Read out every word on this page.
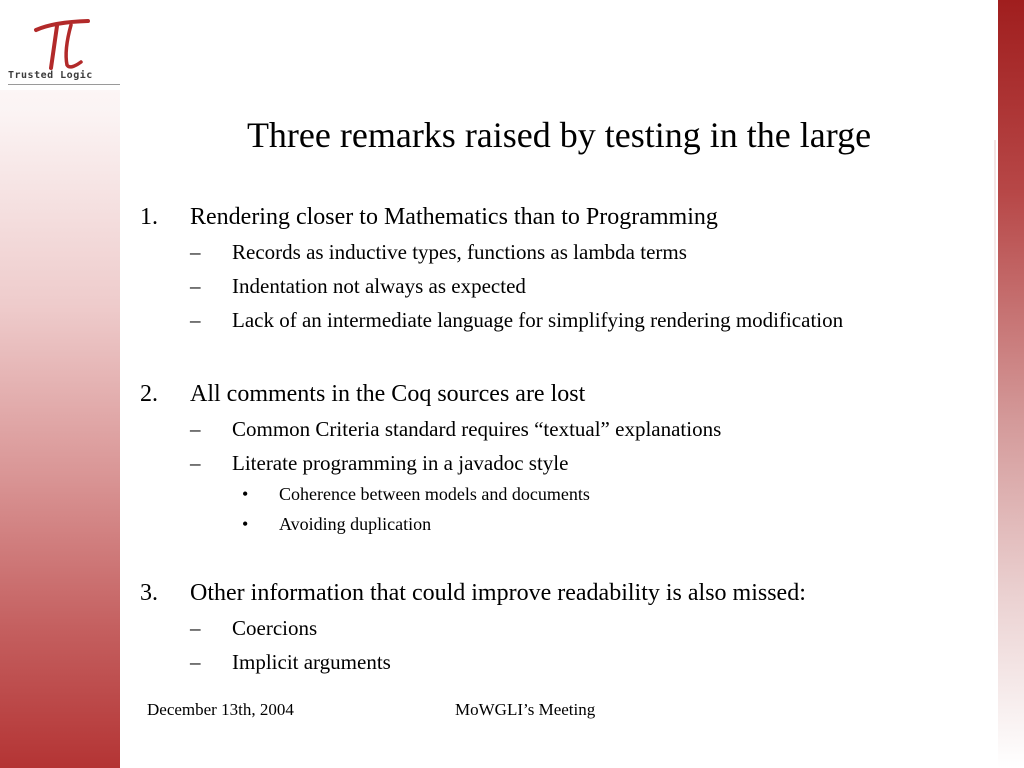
Trusted Logic
Three remarks raised by testing in the large
1. Rendering closer to Mathematics than to Programming
– Records as inductive types, functions as lambda terms
– Indentation not always as expected
– Lack of an intermediate language for simplifying rendering modification
2. All comments in the Coq sources are lost
– Common Criteria standard requires “textual” explanations
– Literate programming in a javadoc style
• Coherence between models and documents
• Avoiding duplication
3. Other information that could improve readability is also missed:
– Coercions
– Implicit arguments
December 13th, 2004	MoWGLI’s Meeting
